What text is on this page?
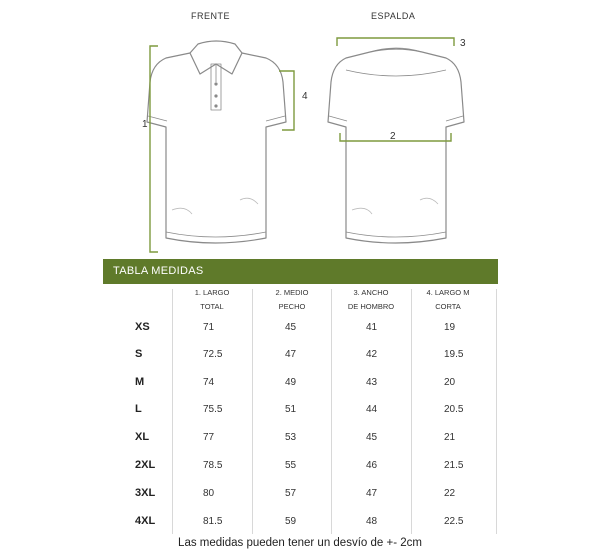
FRENTE	ESPALDA
1
2
3
4
TABLA MEDIDAS
1. LARGO
TOTAL
2. MEDIO
PECHO
3. ANCHO
DE HOMBRO
4. LARGO M
CORTA
XS	71	45	41	19
S	72.5	47	42	19.5
M	74	49	43	20
L	75.5	51	44	20.5
XL	77	53	45	21
2XL	78.5	55	46	21.5
3XL	80	57	47	22
4XL	81.5	59	48	22.5
Las medidas pueden tener un desvío de +- 2cm
